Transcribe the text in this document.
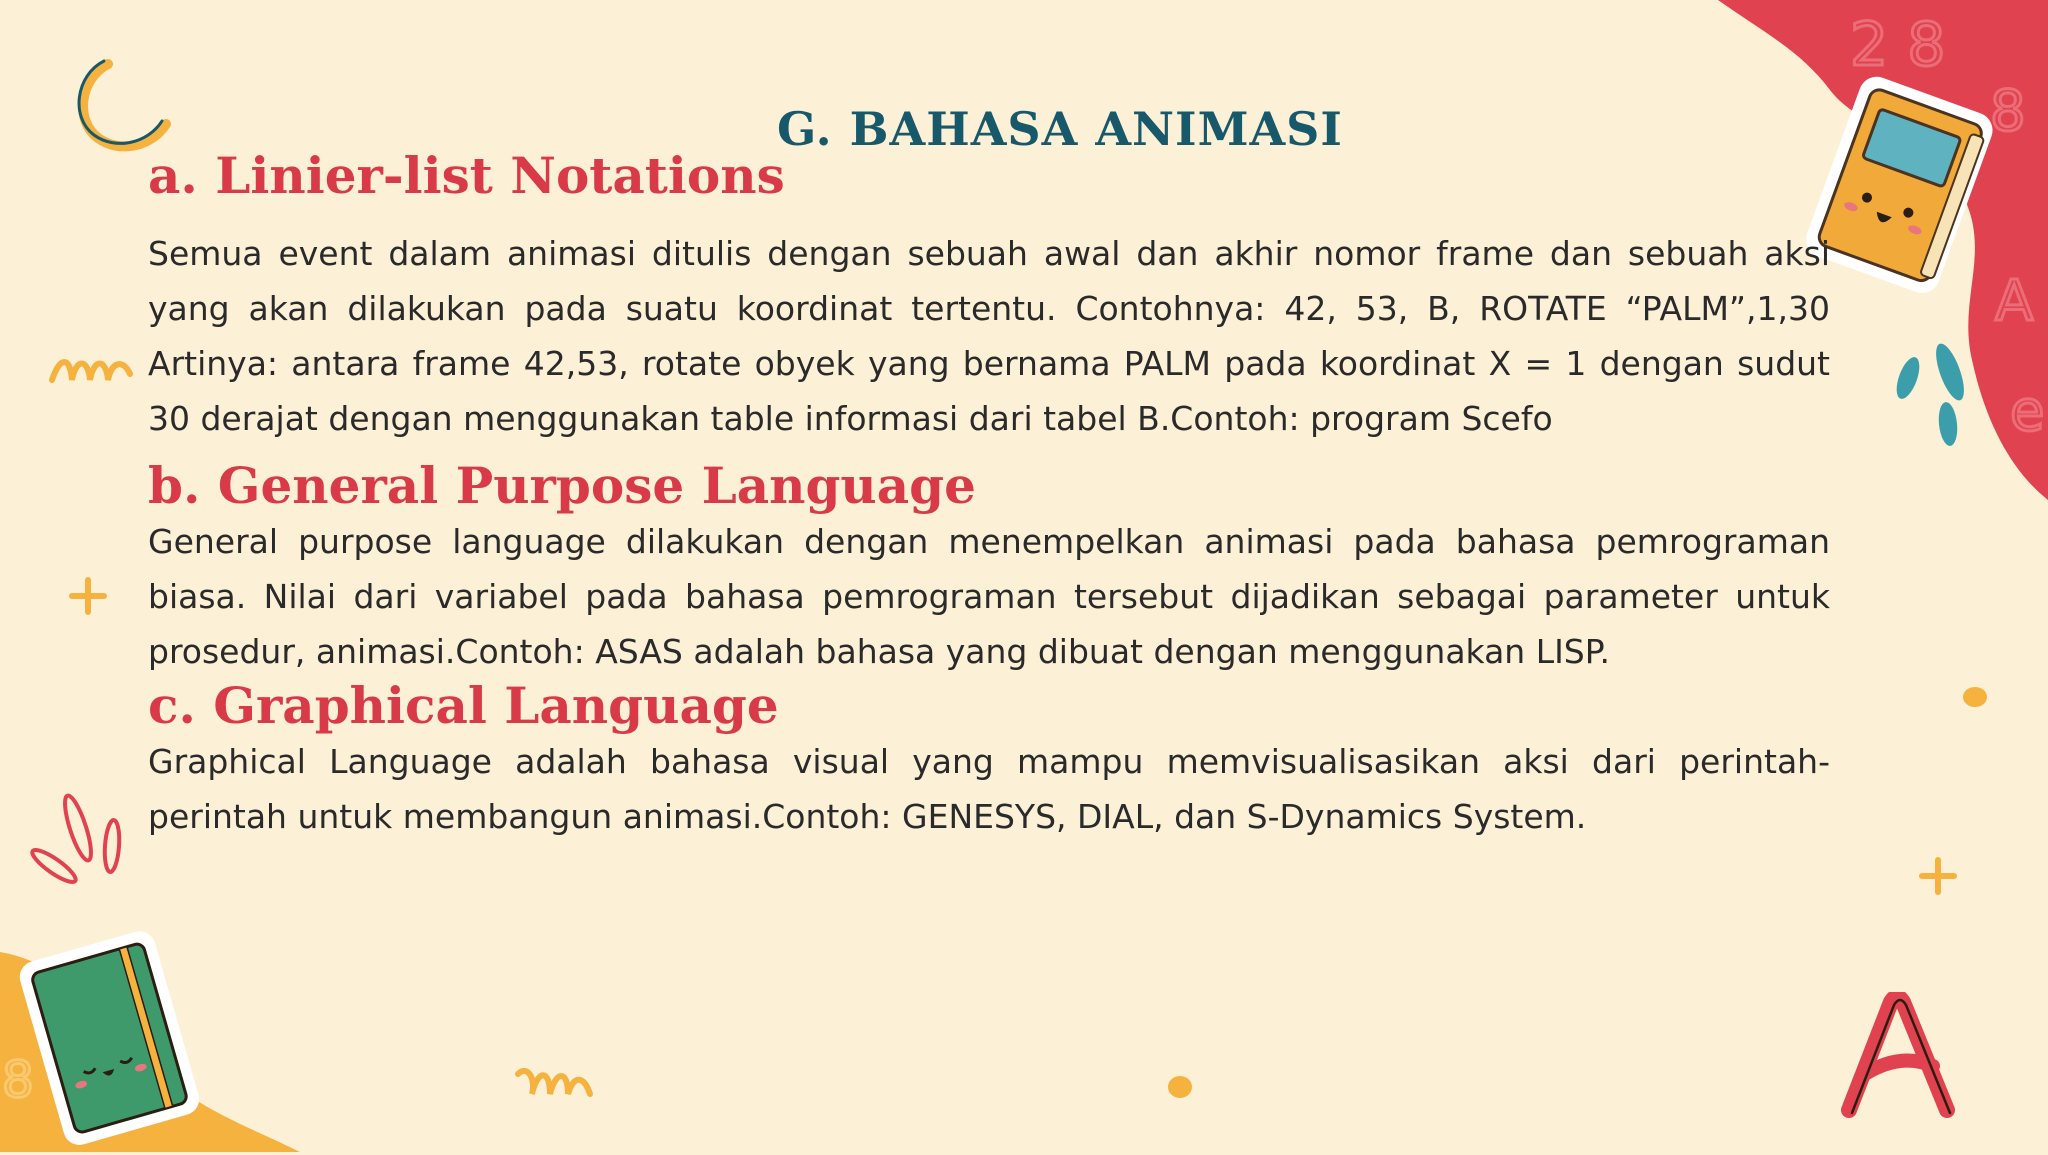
2 8
8
A
e
8
G. BAHASA ANIMASI
a. Linier-list Notations
Semua event dalam animasi ditulis dengan sebuah awal dan akhir nomor frame dan sebuah aksi yang akan dilakukan pada suatu koordinat tertentu. Contohnya: 42, 53, B, ROTATE “PALM”,1,30 Artinya: antara frame 42,53, rotate obyek yang bernama PALM pada koordinat X = 1 dengan sudut 30 derajat dengan menggunakan table informasi dari tabel B.Contoh: program Scefo
b. General Purpose Language
General purpose language dilakukan dengan menempelkan animasi pada bahasa pemrograman biasa. Nilai dari variabel pada bahasa pemrograman tersebut dijadikan sebagai parameter untuk prosedur, animasi.Contoh: ASAS adalah bahasa yang dibuat dengan menggunakan LISP.
c. Graphical Language
Graphical Language adalah bahasa visual yang mampu memvisualisasikan aksi dari perintah-perintah untuk membangun animasi.Contoh: GENESYS, DIAL, dan S-Dynamics System.
